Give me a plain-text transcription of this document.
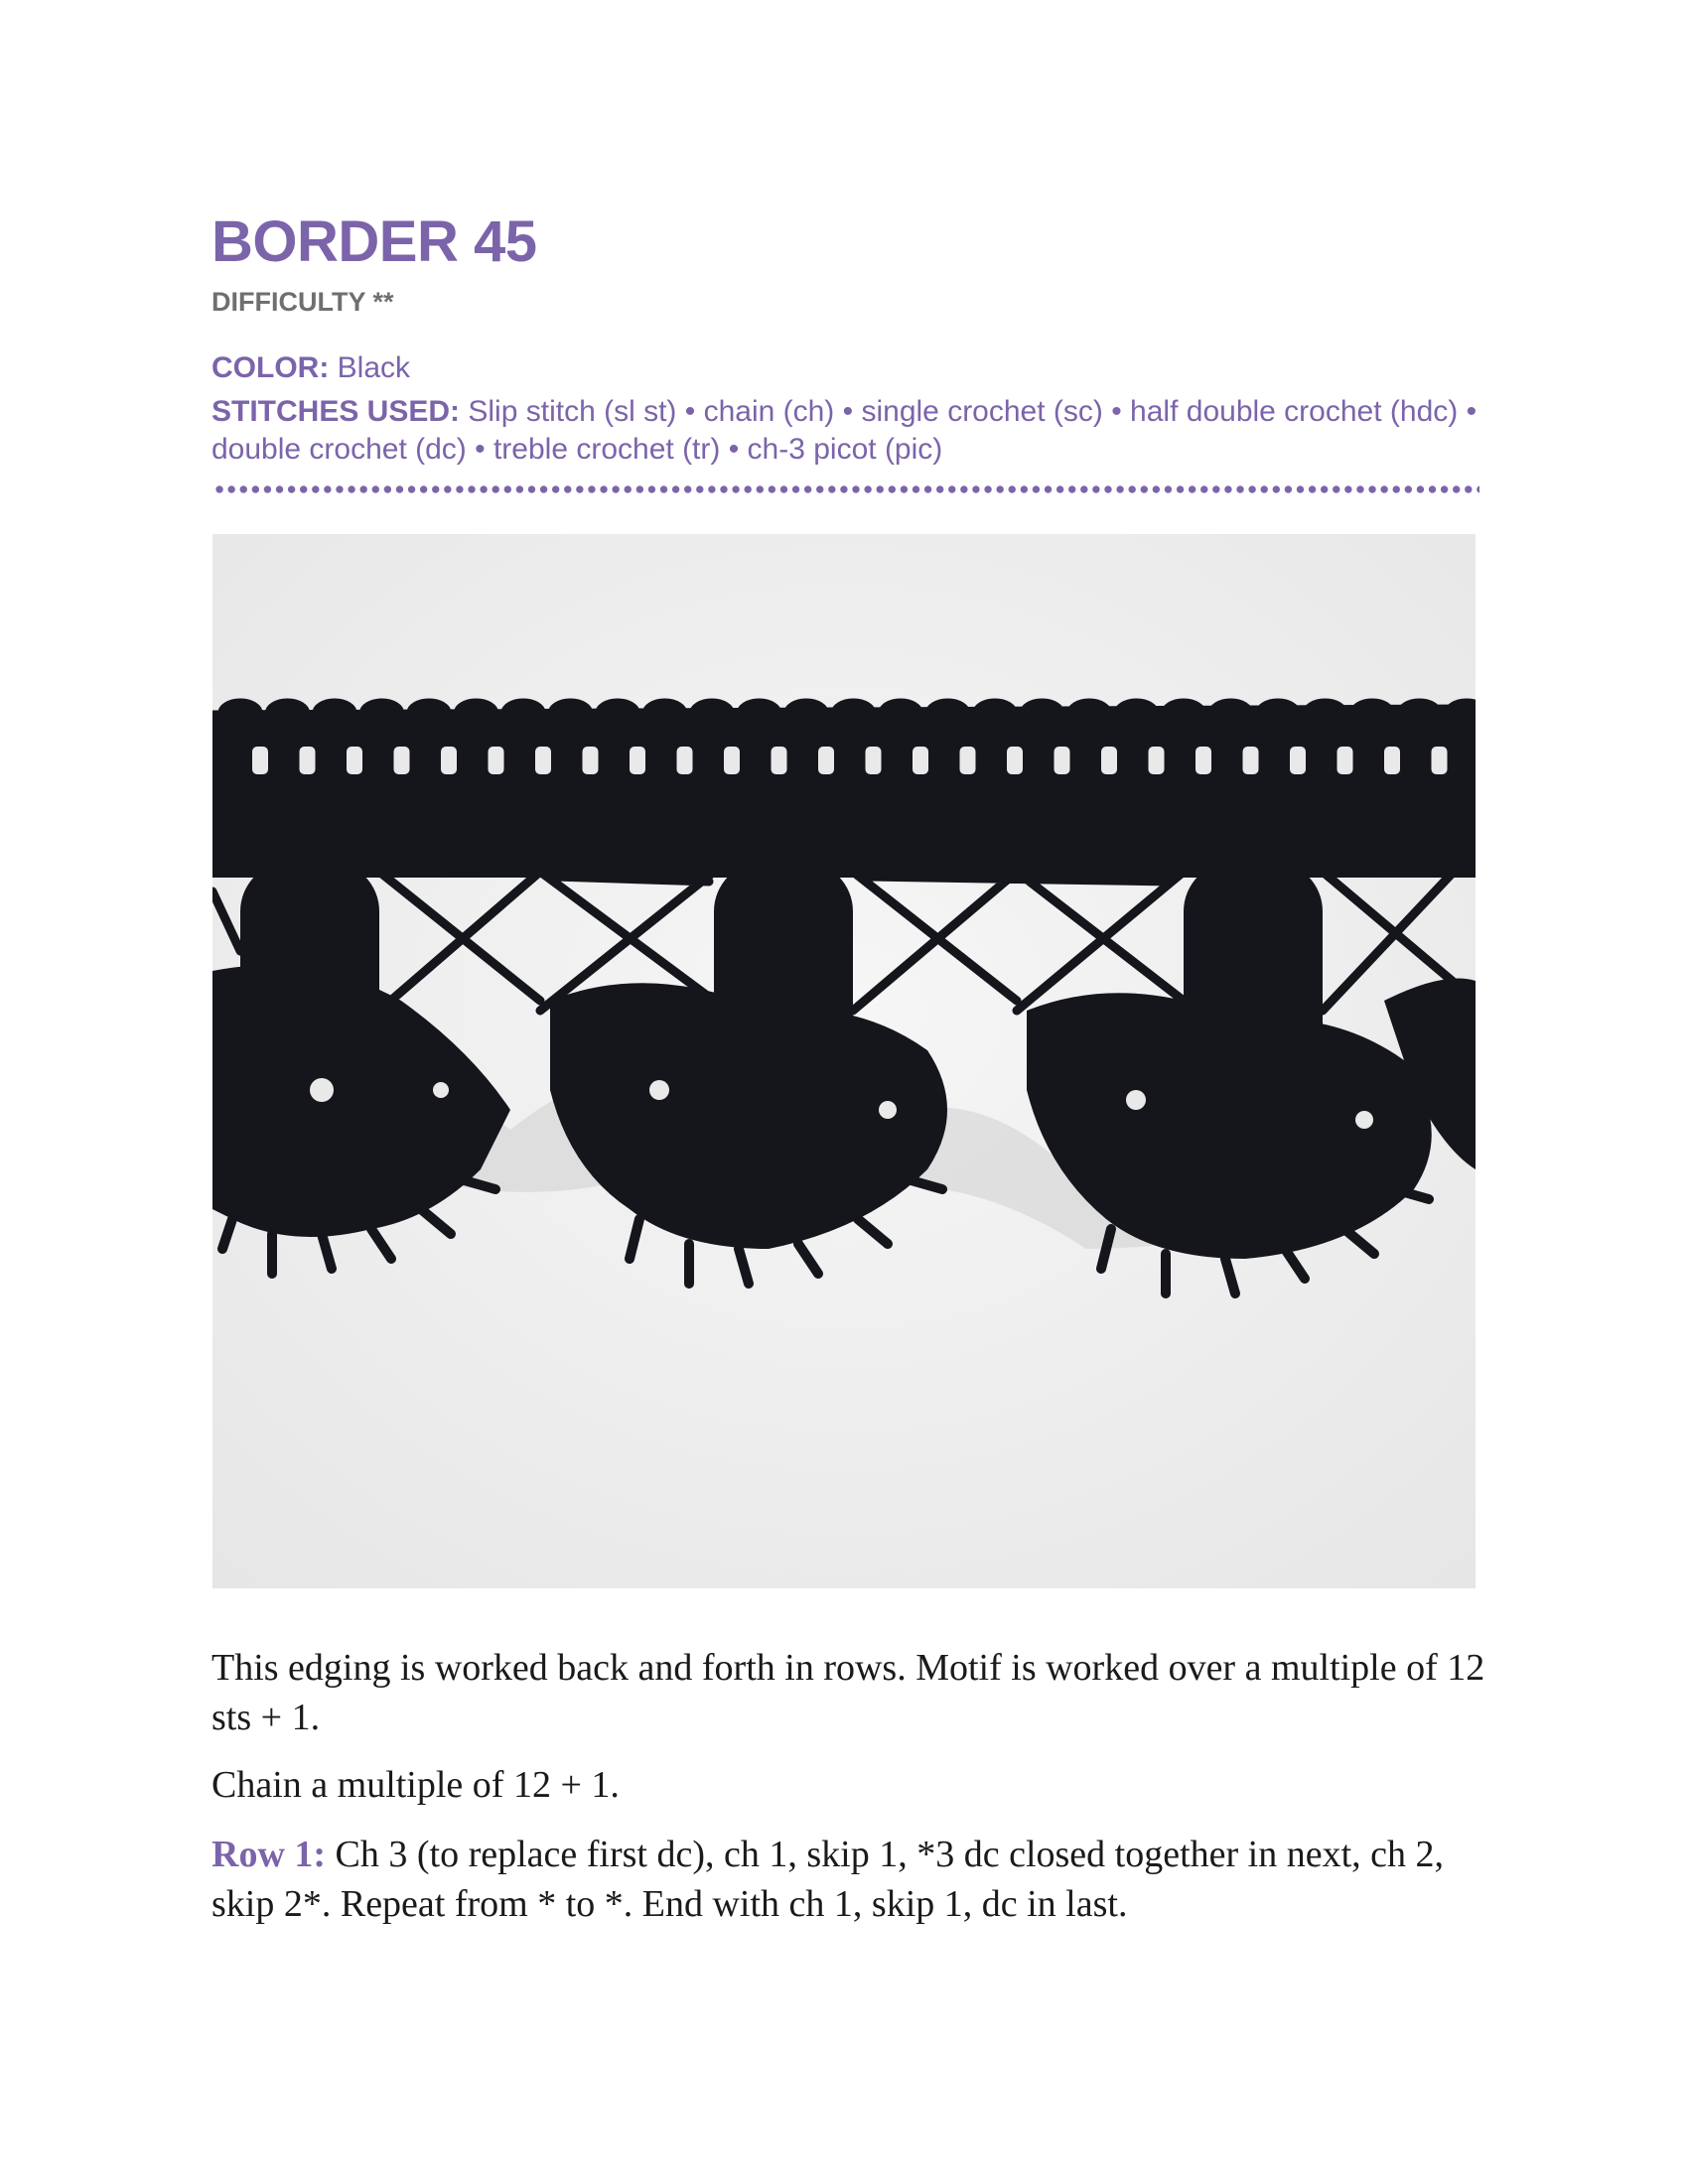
BORDER 45
DIFFICULTY **
COLOR: Black
STITCHES USED: Slip stitch (sl st) • chain (ch) • single crochet (sc) • half double crochet (hdc) • double crochet (dc) • treble crochet (tr) • ch-3 picot (pic)

This edging is worked back and forth in rows. Motif is worked over a multiple of 12 sts + 1.

Chain a multiple of 12 + 1.

Row 1: Ch 3 (to replace first dc), ch 1, skip 1, *3 dc closed together in next, ch 2, skip 2*. Repeat from * to *. End with ch 1, skip 1, dc in last.
